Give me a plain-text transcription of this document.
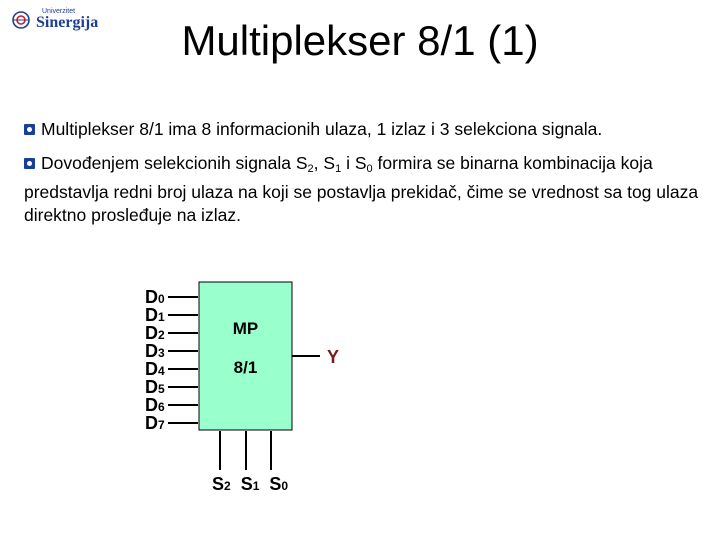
Univerzitet
Sinergija	Multiplekser 8/1 (1)
Multiplekser 8/1 ima 8 informacionih ulaza, 1 izlaz i 3 selekciona signala.
Dovođenjem selekcionih signala $S_2$, $S_1$ i $S_0$ formira se binarna kombinacija koja predstavlja redni broj ulaza na koji se postavlja prekidač, čime se vrednost sa tog ulaza direktno prosleđuje na izlaz.
D0
D1
D2
D3
D4
D5
D6
D7
MP
8/1
Y
S2 S1 S0
